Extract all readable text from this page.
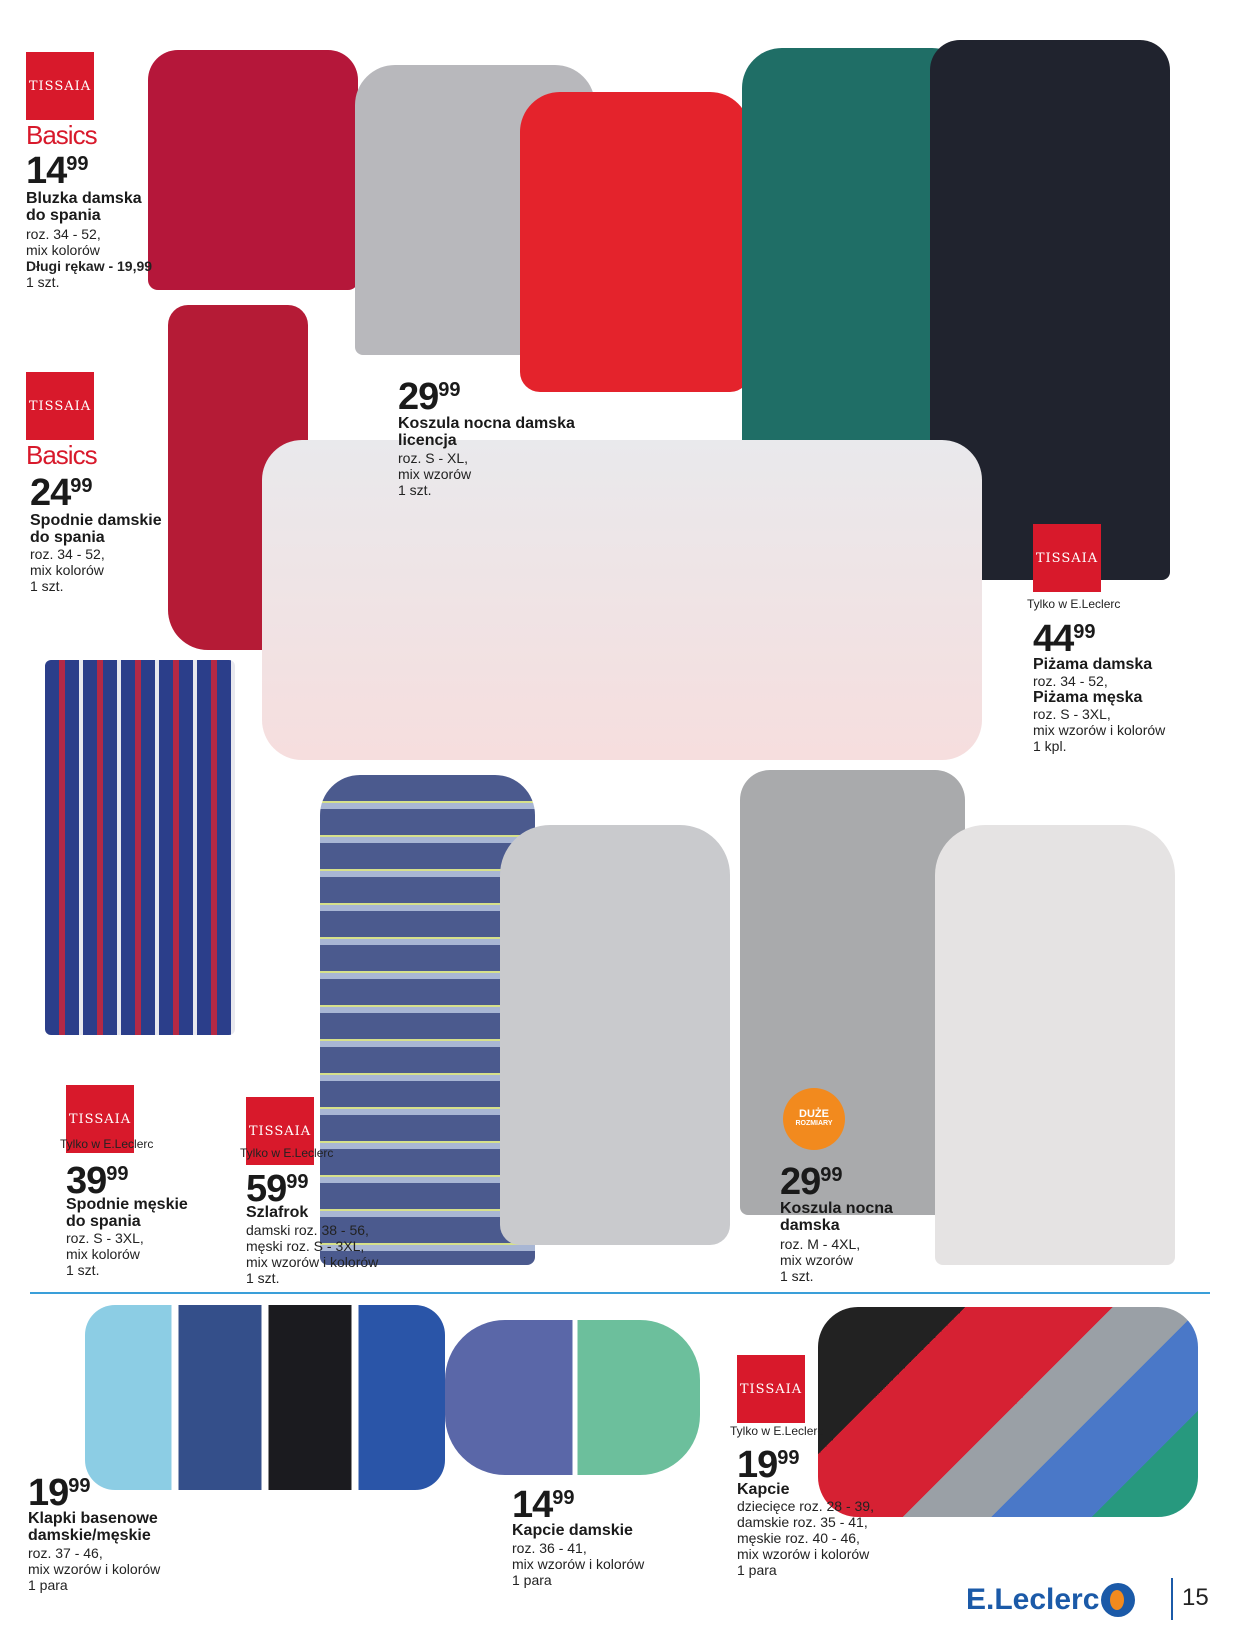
TISSAIA
Basics
TISSAIA
Basics
TISSAIA
Tylko w E.Leclerc
TISSAIA
Tylko w E.Leclerc
TISSAIA
Tylko w E.Leclerc
TISSAIA
Tylko w E.Leclerc
DUŻE
ROZMIARY
1499
Bluzka damska
do spania
roz. 34 - 52,
mix kolorów
Długi rękaw - 19,99
1 szt.
2999
Koszula nocna damska
licencja
roz. S - XL,
mix wzorów
1 szt.
2499
Spodnie damskie
do spania
roz. 34 - 52,
mix kolorów
1 szt.
4499
Piżama damska
roz. 34 - 52,
Piżama męska
roz. S - 3XL,
mix wzorów i kolorów
1 kpl.
3999
Spodnie męskie
do spania
roz. S - 3XL,
mix kolorów
1 szt.
5999
Szlafrok
damski roz. 38 - 56,
męski roz. S - 3XL,
mix wzorów i kolorów
1 szt.
2999
Koszula nocna
damska
roz. M - 4XL,
mix wzorów
1 szt.
1999
Klapki basenowe
damskie/męskie
roz. 37 - 46,
mix wzorów i kolorów
1 para
1499
Kapcie damskie
roz. 36 - 41,
mix wzorów i kolorów
1 para
1999
Kapcie
dziecięce roz. 28 - 39,
damskie roz. 35 - 41,
męskie roz. 40 - 46,
mix wzorów i kolorów
1 para
E.Leclerc	15
